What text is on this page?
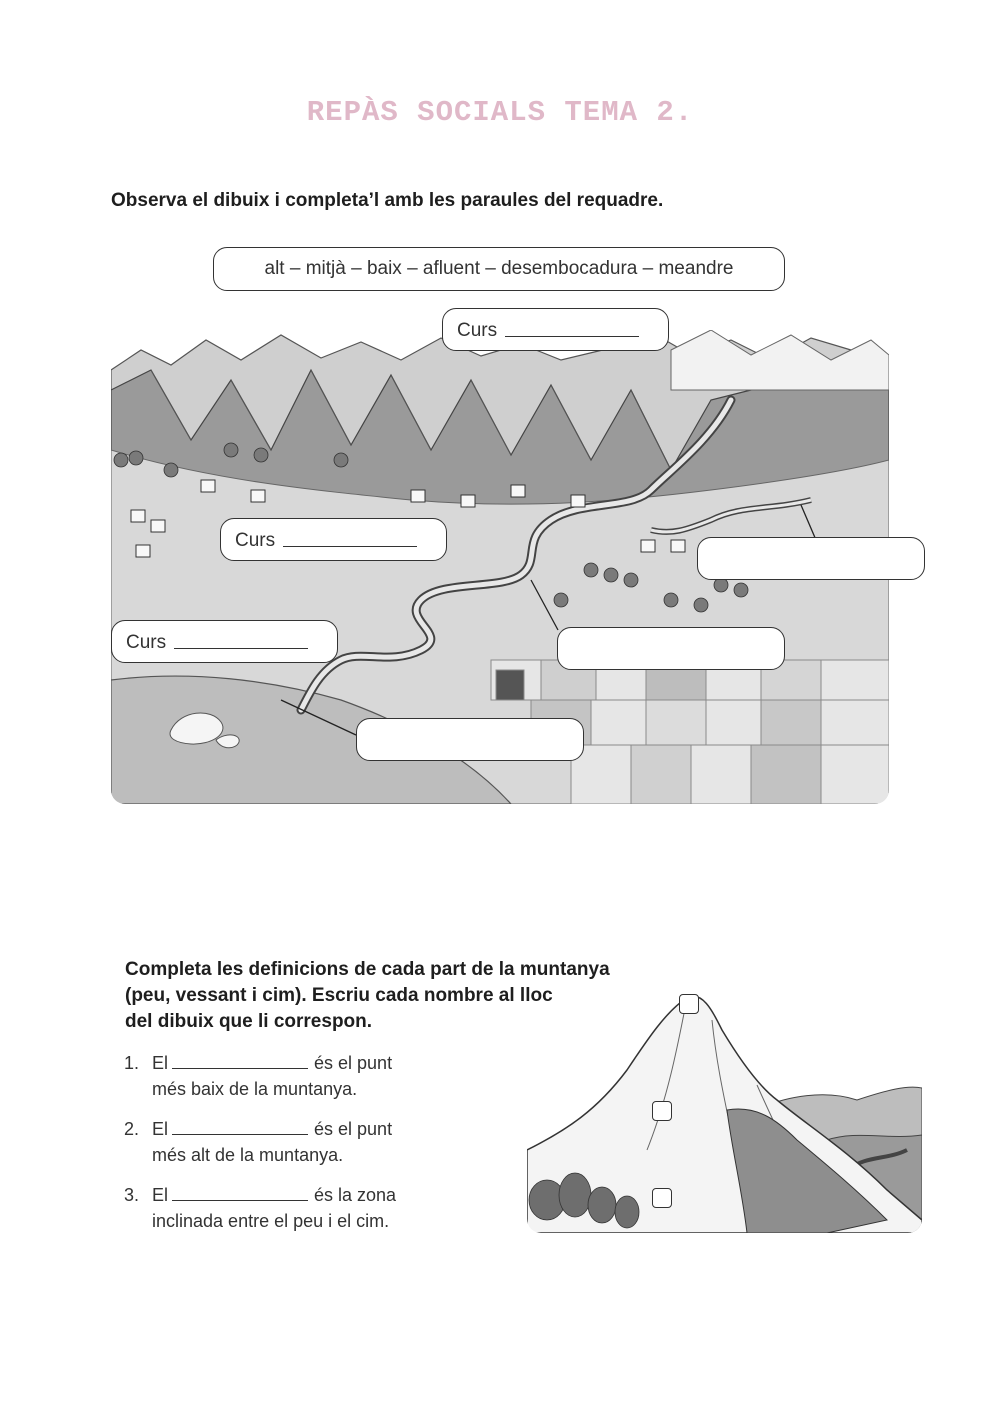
REPÀS SOCIALS TEMA 2.
Observa el dibuix i completa’l amb les paraules del requadre.
alt – mitjà – baix – afluent – desembocadura – meandre
Curs
Curs
Curs
Completa les definicions de cada part de la muntanya
(peu, vessant i cim). Escriu cada nombre al lloc
del dibuix que li correspon.
1. El	és el punt
més baix de la muntanya.
2. El	és el punt
més alt de la muntanya.
3. El	és la zona
inclinada entre el peu i el cim.
